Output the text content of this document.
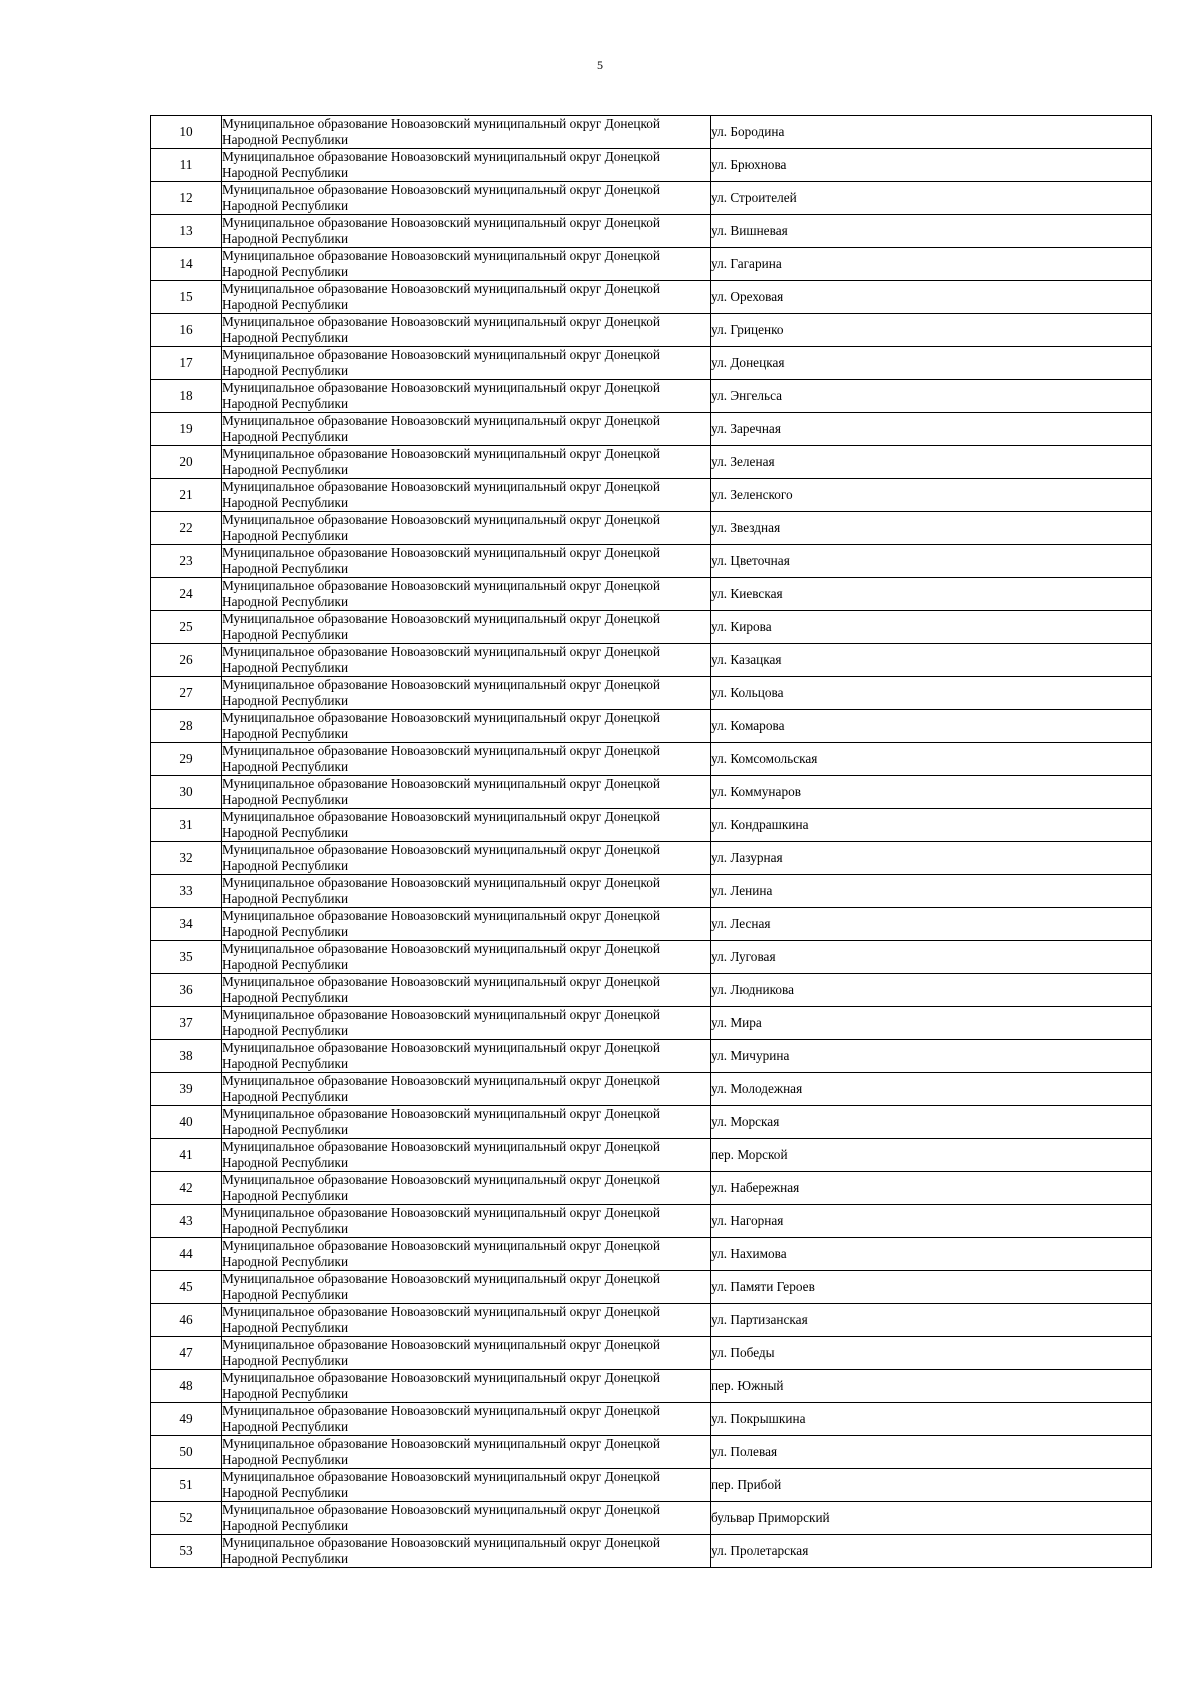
5
10	Муниципальное образование Новоазовский муниципальный округ Донецкой Народной Республики	ул. Бородина
11	Муниципальное образование Новоазовский муниципальный округ Донецкой Народной Республики	ул. Брюхнова
12	Муниципальное образование Новоазовский муниципальный округ Донецкой Народной Республики	ул. Строителей
13	Муниципальное образование Новоазовский муниципальный округ Донецкой Народной Республики	ул. Вишневая
14	Муниципальное образование Новоазовский муниципальный округ Донецкой Народной Республики	ул. Гагарина
15	Муниципальное образование Новоазовский муниципальный округ Донецкой Народной Республики	ул. Ореховая
16	Муниципальное образование Новоазовский муниципальный округ Донецкой Народной Республики	ул. Гриценко
17	Муниципальное образование Новоазовский муниципальный округ Донецкой Народной Республики	ул. Донецкая
18	Муниципальное образование Новоазовский муниципальный округ Донецкой Народной Республики	ул. Энгельса
19	Муниципальное образование Новоазовский муниципальный округ Донецкой Народной Республики	ул. Заречная
20	Муниципальное образование Новоазовский муниципальный округ Донецкой Народной Республики	ул. Зеленая
21	Муниципальное образование Новоазовский муниципальный округ Донецкой Народной Республики	ул. Зеленского
22	Муниципальное образование Новоазовский муниципальный округ Донецкой Народной Республики	ул. Звездная
23	Муниципальное образование Новоазовский муниципальный округ Донецкой Народной Республики	ул. Цветочная
24	Муниципальное образование Новоазовский муниципальный округ Донецкой Народной Республики	ул. Киевская
25	Муниципальное образование Новоазовский муниципальный округ Донецкой Народной Республики	ул. Кирова
26	Муниципальное образование Новоазовский муниципальный округ Донецкой Народной Республики	ул. Казацкая
27	Муниципальное образование Новоазовский муниципальный округ Донецкой Народной Республики	ул. Кольцова
28	Муниципальное образование Новоазовский муниципальный округ Донецкой Народной Республики	ул. Комарова
29	Муниципальное образование Новоазовский муниципальный округ Донецкой Народной Республики	ул. Комсомольская
30	Муниципальное образование Новоазовский муниципальный округ Донецкой Народной Республики	ул. Коммунаров
31	Муниципальное образование Новоазовский муниципальный округ Донецкой Народной Республики	ул. Кондрашкина
32	Муниципальное образование Новоазовский муниципальный округ Донецкой Народной Республики	ул. Лазурная
33	Муниципальное образование Новоазовский муниципальный округ Донецкой Народной Республики	ул. Ленина
34	Муниципальное образование Новоазовский муниципальный округ Донецкой Народной Республики	ул. Лесная
35	Муниципальное образование Новоазовский муниципальный округ Донецкой Народной Республики	ул. Луговая
36	Муниципальное образование Новоазовский муниципальный округ Донецкой Народной Республики	ул. Людникова
37	Муниципальное образование Новоазовский муниципальный округ Донецкой Народной Республики	ул. Мира
38	Муниципальное образование Новоазовский муниципальный округ Донецкой Народной Республики	ул. Мичурина
39	Муниципальное образование Новоазовский муниципальный округ Донецкой Народной Республики	ул. Молодежная
40	Муниципальное образование Новоазовский муниципальный округ Донецкой Народной Республики	ул. Морская
41	Муниципальное образование Новоазовский муниципальный округ Донецкой Народной Республики	пер. Морской
42	Муниципальное образование Новоазовский муниципальный округ Донецкой Народной Республики	ул. Набережная
43	Муниципальное образование Новоазовский муниципальный округ Донецкой Народной Республики	ул. Нагорная
44	Муниципальное образование Новоазовский муниципальный округ Донецкой Народной Республики	ул. Нахимова
45	Муниципальное образование Новоазовский муниципальный округ Донецкой Народной Республики	ул. Памяти Героев
46	Муниципальное образование Новоазовский муниципальный округ Донецкой Народной Республики	ул. Партизанская
47	Муниципальное образование Новоазовский муниципальный округ Донецкой Народной Республики	ул. Победы
48	Муниципальное образование Новоазовский муниципальный округ Донецкой Народной Республики	пер. Южный
49	Муниципальное образование Новоазовский муниципальный округ Донецкой Народной Республики	ул. Покрышкина
50	Муниципальное образование Новоазовский муниципальный округ Донецкой Народной Республики	ул. Полевая
51	Муниципальное образование Новоазовский муниципальный округ Донецкой Народной Республики	пер. Прибой
52	Муниципальное образование Новоазовский муниципальный округ Донецкой Народной Республики	бульвар Приморский
53	Муниципальное образование Новоазовский муниципальный округ Донецкой Народной Республики	ул. Пролетарская
